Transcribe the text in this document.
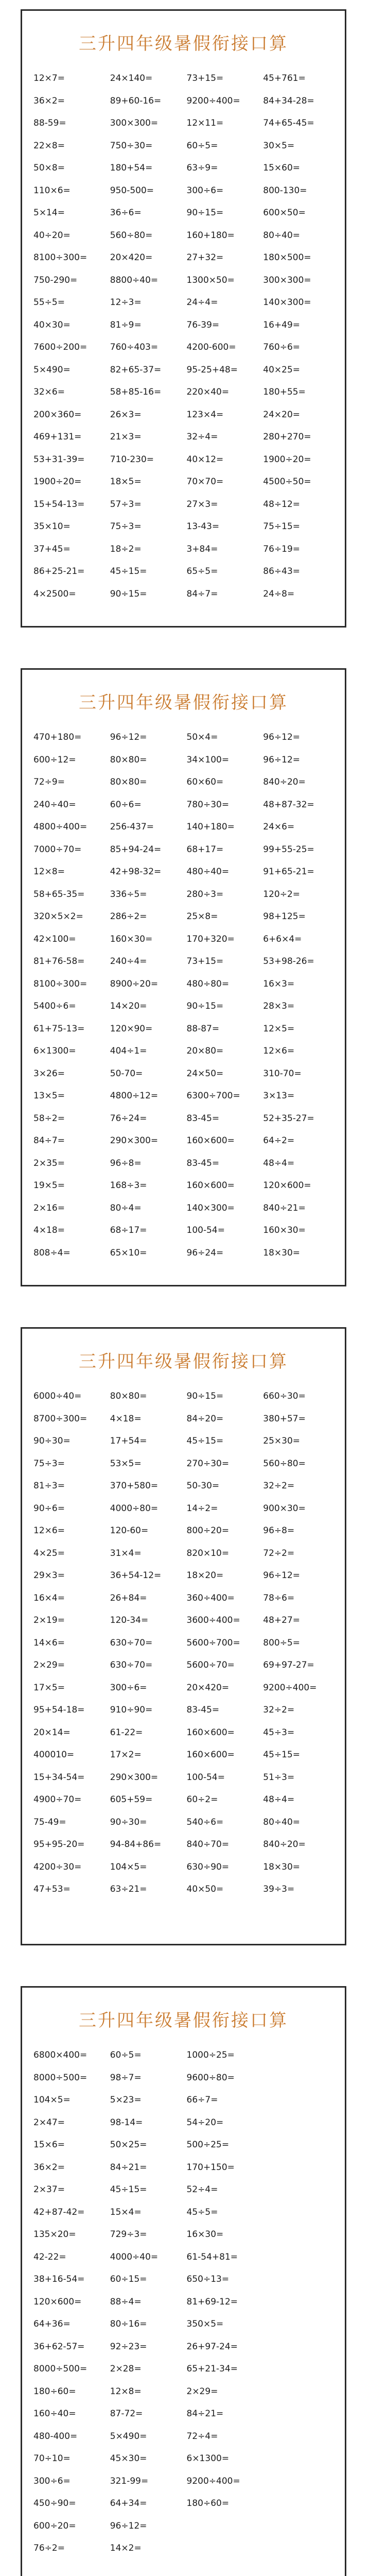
三升四年级暑假衔接口算
12×7=	24×140=	73+15=	45+761=
36×2=	89+60-16=	9200÷400=	84+34-28=
88-59=	300×300=	12×11=	74+65-45=
22×8=	750÷30=	60÷5=	30×5=
50×8=	180+54=	63÷9=	15×60=
110×6=	950-500=	300÷6=	800-130=
5×14=	36÷6=	90÷15=	600×50=
40÷20=	560÷80=	160+180=	80÷40=
8100÷300=	20×420=	27+32=	180×500=
750-290=	8800÷40=	1300×50=	300×300=
55÷5=	12÷3=	24÷4=	140×300=
40×30=	81÷9=	76-39=	16+49=
7600÷200=	760÷403=	4200-600=	760÷6=
5×490=	82+65-37=	95-25+48=	40×25=
32×6=	58+85-16=	220×40=	180+55=
200×360=	26×3=	123×4=	24×20=
469+131=	21×3=	32÷4=	280+270=
53+31-39=	710-230=	40×12=	1900÷20=
1900÷20=	18×5=	70×70=	4500÷50=
15+54-13=	57÷3=	27×3=	48÷12=
35×10=	75÷3=	13-43=	75÷15=
37+45=	18÷2=	3+84=	76÷19=
86+25-21=	45÷15=	65÷5=	86÷43=
4×2500=	90÷15=	84÷7=	24÷8=
三升四年级暑假衔接口算
470+180=	96÷12=	50×4=	96÷12=
600÷12=	80×80=	34×100=	96÷12=
72÷9=	80×80=	60×60=	840÷20=
240÷40=	60÷6=	780÷30=	48+87-32=
4800÷400=	256-437=	140+180=	24×6=
7000÷70=	85+94-24=	68+17=	99+55-25=
12×8=	42+98-32=	480÷40=	91+65-21=
58+65-35=	336÷5=	280÷3=	120÷2=
320×5×2=	286÷2=	25×8=	98+125=
42×100=	160×30=	170+320=	6+6×4=
81+76-58=	240÷4=	73+15=	53+98-26=
8100÷300=	8900÷20=	480÷80=	16×3=
5400÷6=	14×20=	90÷15=	28×3=
61+75-13=	120×90=	88-87=	12×5=
6×1300=	404÷1=	20×80=	12×6=
3×26=	50-70=	24×50=	310-70=
13×5=	4800÷12=	6300÷700=	3×13=
58÷2=	76÷24=	83-45=	52+35-27=
84÷7=	290×300=	160×600=	64÷2=
2×35=	96÷8=	83-45=	48÷4=
19×5=	168÷3=	160×600=	120×600=
2×16=	80÷4=	140×300=	840÷21=
4×18=	68÷17=	100-54=	160×30=
808÷4=	65×10=	96÷24=	18×30=
三升四年级暑假衔接口算
6000÷40=	80×80=	90÷15=	660÷30=
8700÷300=	4×18=	84÷20=	380+57=
90÷30=	17+54=	45÷15=	25×30=
75÷3=	53×5=	270÷30=	560÷80=
81÷3=	370+580=	50-30=	32÷2=
90÷6=	4000÷80=	14÷2=	900×30=
12×6=	120-60=	800÷20=	96÷8=
4×25=	31×4=	820×10=	72÷2=
29×3=	36+54-12=	18×20=	96÷12=
16×4=	26+84=	360÷400=	78÷6=
2×19=	120-34=	3600÷400=	48+27=
14×6=	630÷70=	5600÷700=	800÷5=
2×29=	630÷70=	5600÷70=	69+97-27=
17×5=	300÷6=	20×420=	9200÷400=
95+54-18=	910÷90=	83-45=	32÷2=
20×14=	61-22=	160×600=	45÷3=
400010=	17×2=	160×600=	45÷15=
15+34-54=	290×300=	100-54=	51÷3=
4900÷70=	605+59=	60÷2=	48÷4=
75-49=	90÷30=	540÷6=	80÷40=
95+95-20=	94-84+86=	840÷70=	840÷20=
4200÷30=	104×5=	630÷90=	18×30=
47+53=	63÷21=	40×50=	39÷3=
三升四年级暑假衔接口算
6800×400=	60÷5=	1000÷25=
8000÷500=	98÷7=	9600÷80=
104×5=	5×23=	66÷7=
2×47=	98-14=	54÷20=
15×6=	50×25=	500÷25=
36×2=	84÷21=	170+150=
2×37=	45÷15=	52÷4=
42+87-42=	15×4=	45÷5=
135×20=	729÷3=	16×30=
42-22=	4000÷40=	61-54+81=
38+16-54=	60÷15=	650÷13=
120×600=	88÷4=	81+69-12=
64+36=	80÷16=	350×5=
36+62-57=	92÷23=	26+97-24=
8000÷500=	2×28=	65+21-34=
180÷60=	12×8=	2×29=
160÷40=	87-72=	84÷21=
480-400=	5×490=	72÷4=
70÷10=	45×30=	6×1300=
300÷6=	321-99=	9200÷400=
450÷90=	64+34=	180÷60=
600÷20=	96÷12=
76÷2=	14×2=
